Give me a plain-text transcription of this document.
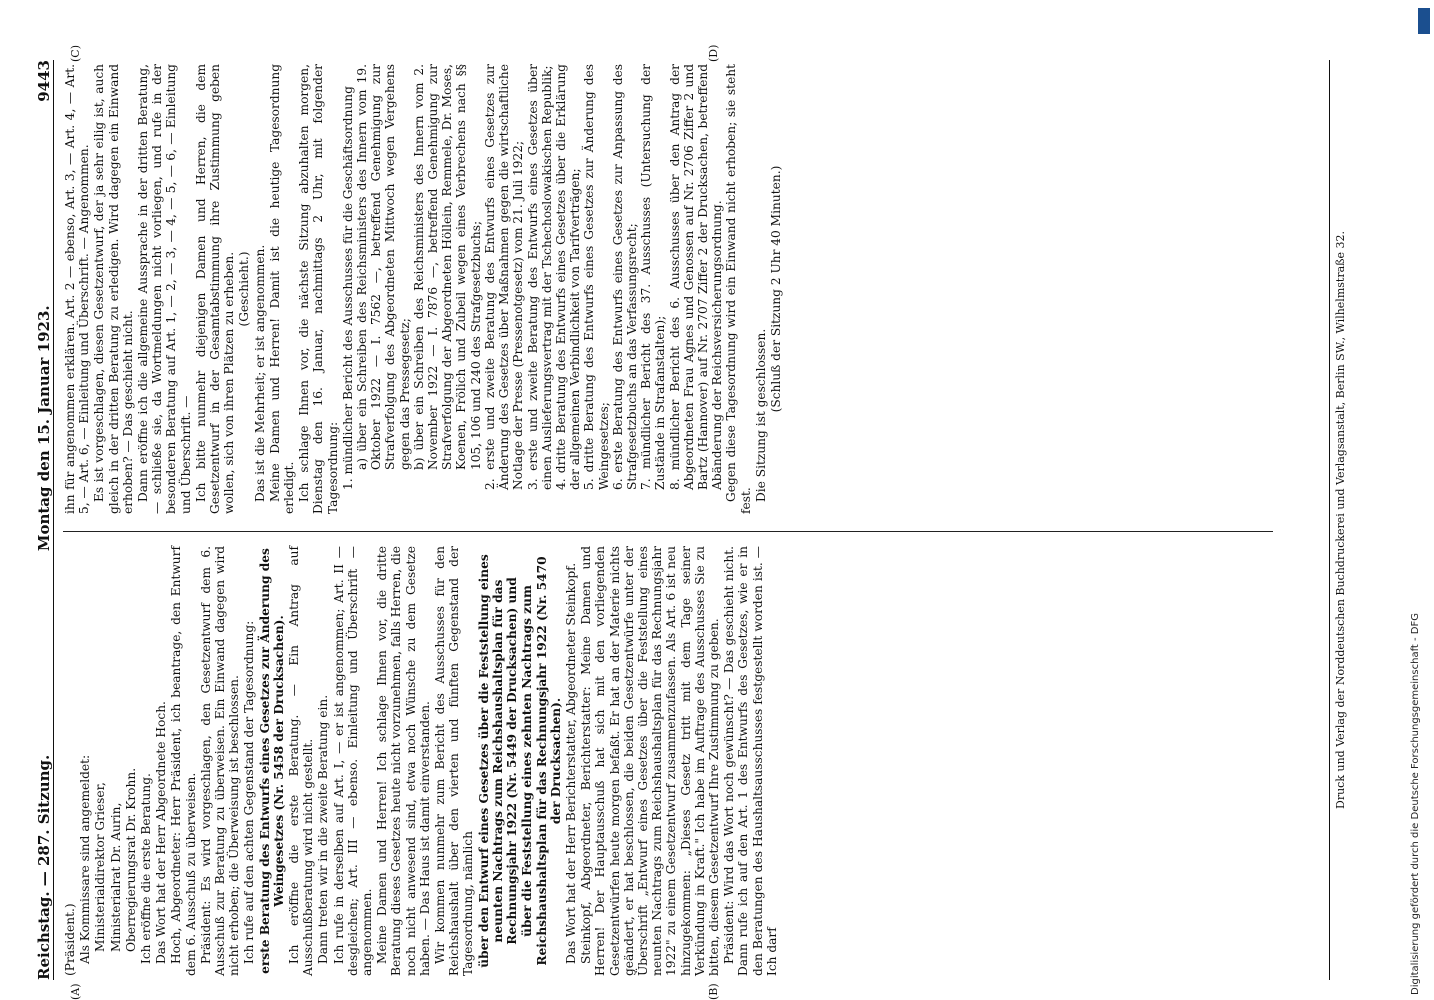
Reichstag. — 287. Sitzung.
Montag den 15. Januar 1923.
9443
(A)	(B)
(C)	(D)

(Präsident.) Als Kommissare sind angemeldet: Ministerialdirektor Grieser, Ministerialrat Dr. Aurin, Oberregierungsrat Dr. Krohn. Ich eröffne die erste Beratung. Das Wort hat der Herr Abgeordnete Hoch. Hoch, Abgeordneter: Herr Präsident, ich beantrage, den Entwurf dem 6. Ausschuß zu überweisen. Präsident: Es wird vorgeschlagen, den Gesetzentwurf dem 6. Ausschuß zur Beratung zu überweisen. Ein Einwand dagegen wird nicht erhoben; die Überweisung ist beschlossen. Ich rufe auf den achten Gegenstand der Tagesordnung: erste Beratung des Entwurfs eines Gesetzes zur Änderung des Weingesetzes (Nr. 5458 der Drucksachen). Ich eröffne die erste Beratung. — Ein Antrag auf Ausschußberatung wird nicht gestellt. Dann treten wir in die zweite Beratung ein. Ich rufe in derselben auf Art. I, — er ist angenommen; Art. II — desgleichen; Art. III — ebenso. Einleitung und Überschrift — angenommen. Meine Damen und Herren! Ich schlage Ihnen vor, die dritte Beratung dieses Gesetzes heute nicht vorzunehmen, falls Herren, die noch nicht anwesend sind, etwa noch Wünsche zu dem Gesetze haben. — Das Haus ist damit einverstanden. Wir kommen nunmehr zum Bericht des Ausschusses für den Reichshaushalt über den vierten und fünften Gegenstand der Tagesordnung, nämlich über den Entwurf eines Gesetzes über die Feststellung eines neunten Nachtrags zum Reichshaushaltsplan für das Rechnungsjahr 1922 (Nr. 5449 der Drucksachen) und über die Feststellung eines zehnten Nachtrags zum Reichshaushaltsplan für das Rechnungsjahr 1922 (Nr. 5470 der Drucksachen). Das Wort hat der Herr Berichterstatter, Abgeordneter Steinkopf. Steinkopf, Abgeordneter, Berichterstatter: Meine Damen und Herren! Der Hauptausschuß hat sich mit den vorliegenden Gesetzentwürfen heute morgen befaßt. Er hat an der Materie nichts geändert, er hat beschlossen, die beiden Gesetzentwürfe unter der Überschrift „Entwurf eines Gesetzes über die Feststellung eines neunten Nachtrags zum Reichshaushaltsplan für das Rechnungsjahr 1922" zu einem Gesetzentwurf zusammenzufassen. Als Art. 6 ist neu hinzugekommen: „Dieses Gesetz tritt mit dem Tage seiner Verkündung in Kraft." Ich habe im Auftrage des Ausschusses Sie zu bitten, diesem Gesetzentwurf Ihre Zustimmung zu geben. Präsident: Wird das Wort noch gewünscht? — Das geschieht nicht. Dann rufe ich auf den Art. 1 des Entwurfs des Gesetzes, wie er in den Beratungen des Haushaltsausschusses festgestellt worden ist. — Ich darf

ihn für angenommen erklären. Art. 2 — ebenso, Art. 3, — Art. 4, — Art. 5, — Art. 6, — Einleitung und Überschrift. — Angenommen. Es ist vorgeschlagen, diesen Gesetzentwurf, der ja sehr eilig ist, auch gleich in der dritten Beratung zu erledigen. Wird dagegen ein Einwand erhoben? — Das geschieht nicht. Dann eröffne ich die allgemeine Aussprache in der dritten Beratung, — schließe sie, da Wortmeldungen nicht vorliegen, und rufe in der besonderen Beratung auf Art. 1, — 2, — 3, — 4, — 5, — 6, — Einleitung und Überschrift. — Ich bitte nunmehr diejenigen Damen und Herren, die dem Gesetzentwurf in der Gesamtabstimmung ihre Zustimmung geben wollen, sich von ihren Plätzen zu erheben. (Geschieht.) Das ist die Mehrheit; er ist angenommen. Meine Damen und Herren! Damit ist die heutige Tagesordnung erledigt. Ich schlage Ihnen vor, die nächste Sitzung abzuhalten morgen, Dienstag den 16. Januar, nachmittags 2 Uhr, mit folgender Tagesordnung: 1. mündlicher Bericht des Ausschusses für die Geschäftsordnung a) über ein Schreiben des Reichsministers des Innern vom 19. Oktober 1922 — I. 7562 —, betreffend Genehmigung zur Strafverfolgung des Abgeordneten Mittwoch wegen Vergehens gegen das Pressegesetz; b) über ein Schreiben des Reichsministers des Innern vom 2. November 1922 — I. 7876 —, betreffend Genehmigung zur Strafverfolgung der Abgeordneten Höllein, Remmele, Dr. Moses, Koenen, Frölich und Zubeil wegen eines Verbrechens nach §§ 105, 106 und 240 des Strafgesetzbuchs; 2. erste und zweite Beratung des Entwurfs eines Gesetzes zur Änderung des Gesetzes über Maßnahmen gegen die wirtschaftliche Notlage der Presse (Pressenotgesetz) vom 21. Juli 1922; 3. erste und zweite Beratung des Entwurfs eines Gesetzes über einen Auslieferungsvertrag mit der Tschechoslowakischen Republik; 4. dritte Beratung des Entwurfs eines Gesetzes über die Erklärung der allgemeinen Verbindlichkeit von Tarifverträgen; 5. dritte Beratung des Entwurfs eines Gesetzes zur Änderung des Weingesetzes; 6. erste Beratung des Entwurfs eines Gesetzes zur Anpassung des Strafgesetzbuchs an das Verfassungsrecht; 7. mündlicher Bericht des 37. Ausschusses (Untersuchung der Zustände in Strafanstalten); 8. mündlicher Bericht des 6. Ausschusses über den Antrag der Abgeordneten Frau Agnes und Genossen auf Nr. 2706 Ziffer 2 und Bartz (Hannover) auf Nr. 2707 Ziffer 2 der Drucksachen, betreffend Abänderung der Reichsversicherungsordnung. Gegen diese Tagesordnung wird ein Einwand nicht erhoben; sie steht fest. Die Sitzung ist geschlossen.

(Schluß der Sitzung 2 Uhr 40 Minuten.)	Druck und Verlag der Norddeutschen Buchdruckerei und Verlagsanstalt, Berlin SW., Wilhelmstraße 32.	Digitalisierung gefördert durch die Deutsche Forschungsgemeinschaft - DFG
